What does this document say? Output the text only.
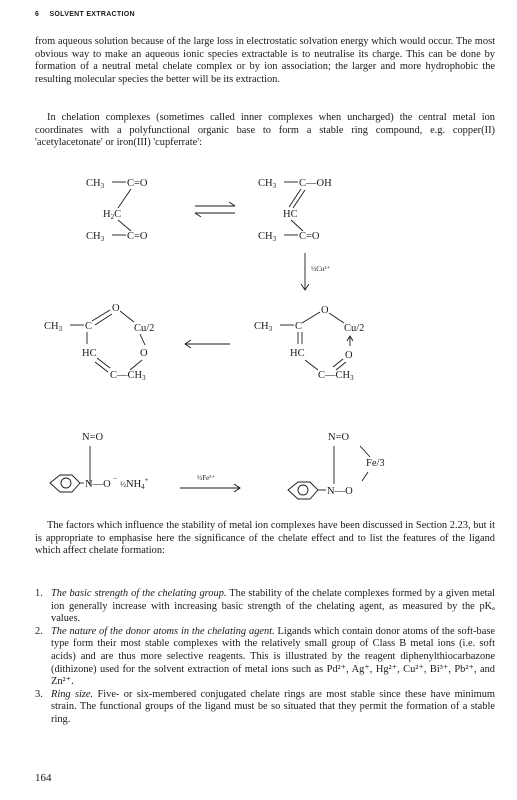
6 SOLVENT EXTRACTION

from aqueous solution because of the large loss in electrostatic solvation energy which would occur. The most obvious way to make an aqueous ionic species extractable is to neutralise its charge. This can be done by formation of a neutral metal chelate complex or by ion association; the larger and more hydrophobic the resulting molecular species the better will be its extraction.

In chelation complexes (sometimes called inner complexes when uncharged) the central metal ion coordinates with a polyfunctional organic base to form a stable ring compound, e.g. copper(II) 'acetylacetonate' or iron(III) 'cupferrate':

CH3 C=O
H2C
CH3 C=O
CH3 C—OH
HC
CH3 C=O
½Cu²⁺
CH3 C
O
Cu/2
O
HC
C—CH3
CH3 C
O
Cu/2
O
HC
C—CH3
N=O
N—O −
½NH4+	⅓Fe³⁺
N=O
Fe/3
N—O

The factors which influence the stability of metal ion complexes have been discussed in Section 2.23, but it is appropriate to emphasise here the significance of the chelate effect and to list the features of the ligand which affect chelate formation:

1. The basic strength of the chelating group. The stability of the chelate complexes formed by a given metal ion generally increase with increasing basic strength of the chelating agent, as measured by the pKₐ values.
2. The nature of the donor atoms in the chelating agent. Ligands which contain donor atoms of the soft-base type form their most stable complexes with the relatively small group of Class B metal ions (i.e. soft acids) and are thus more selective reagents. This is illustrated by the reagent diphenylthiocarbazone (dithizone) used for the solvent extraction of metal ions such as Pd²⁺, Ag⁺, Hg²⁺, Cu²⁺, Bi³⁺, Pb²⁺, and Zn²⁺.
3. Ring size. Five- or six-membered conjugated chelate rings are most stable since these have minimum strain. The functional groups of the ligand must be so situated that they permit the formation of a stable ring.
164
